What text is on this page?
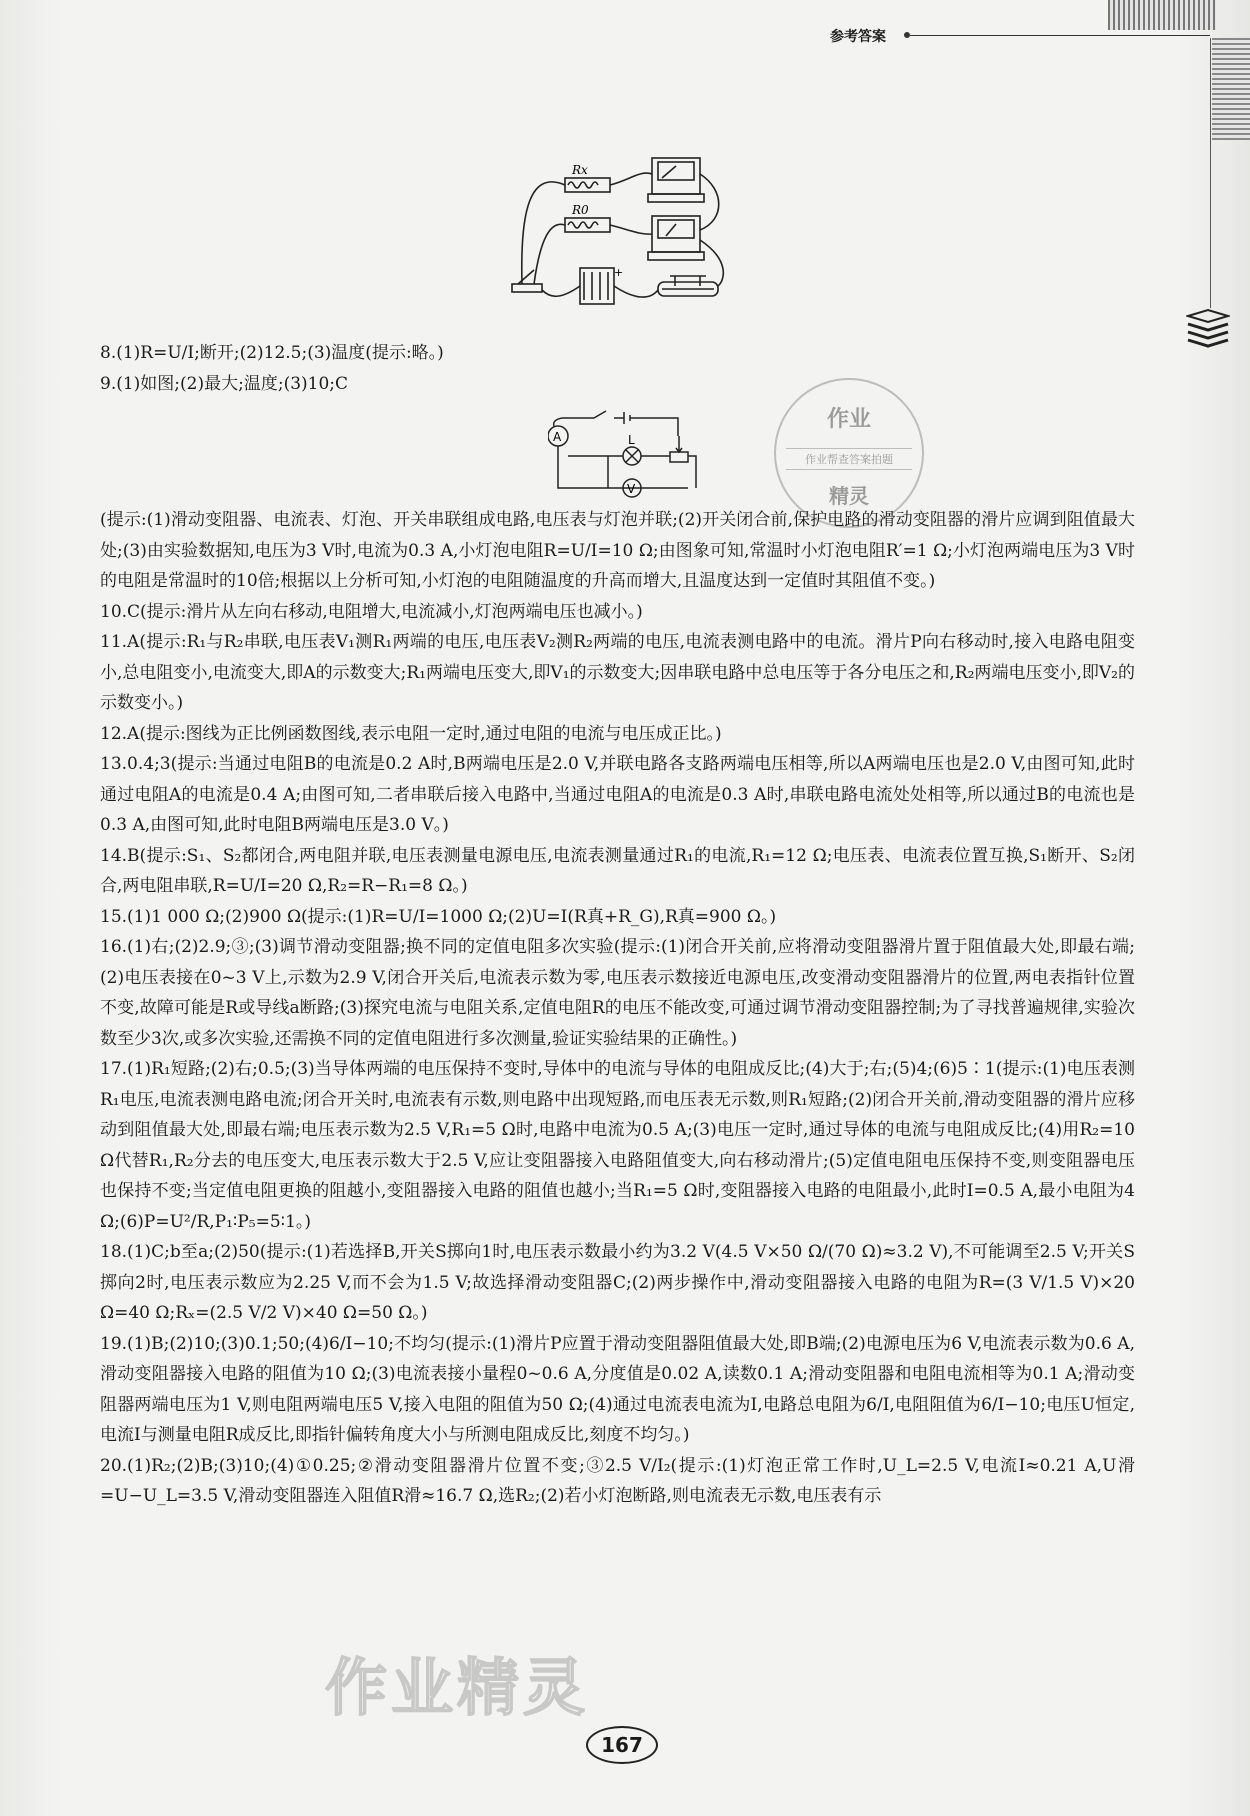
参考答案
Rx
R0
+
A	L
V
作业
作业帮查答案拍题
精灵

8.(1)R=U/I;断开;(2)12.5;(3)温度(提示:略。)

9.(1)如图;(2)最大;温度;(3)10;C

(提示:(1)滑动变阻器、电流表、灯泡、开关串联组成电路,电压表与灯泡并联;(2)开关闭合前,保护电路的滑动变阻器的滑片应调到阻值最大处;(3)由实验数据知,电压为3 V时,电流为0.3 A,小灯泡电阻R=U/I=10 Ω;由图象可知,常温时小灯泡电阻R′=1 Ω;小灯泡两端电压为3 V时的电阻是常温时的10倍;根据以上分析可知,小灯泡的电阻随温度的升高而增大,且温度达到一定值时其阻值不变。)

10.C(提示:滑片从左向右移动,电阻增大,电流减小,灯泡两端电压也减小。)

11.A(提示:R₁与R₂串联,电压表V₁测R₁两端的电压,电压表V₂测R₂两端的电压,电流表测电路中的电流。滑片P向右移动时,接入电路电阻变小,总电阻变小,电流变大,即A的示数变大;R₁两端电压变大,即V₁的示数变大;因串联电路中总电压等于各分电压之和,R₂两端电压变小,即V₂的示数变小。)

12.A(提示:图线为正比例函数图线,表示电阻一定时,通过电阻的电流与电压成正比。)

13.0.4;3(提示:当通过电阻B的电流是0.2 A时,B两端电压是2.0 V,并联电路各支路两端电压相等,所以A两端电压也是2.0 V,由图可知,此时通过电阻A的电流是0.4 A;由图可知,二者串联后接入电路中,当通过电阻A的电流是0.3 A时,串联电路电流处处相等,所以通过B的电流也是0.3 A,由图可知,此时电阻B两端电压是3.0 V。)

14.B(提示:S₁、S₂都闭合,两电阻并联,电压表测量电源电压,电流表测量通过R₁的电流,R₁=12 Ω;电压表、电流表位置互换,S₁断开、S₂闭合,两电阻串联,R=U/I=20 Ω,R₂=R−R₁=8 Ω。)

15.(1)1 000 Ω;(2)900 Ω(提示:(1)R=U/I=1000 Ω;(2)U=I(R真+R_G),R真=900 Ω。)

16.(1)右;(2)2.9;③;(3)调节滑动变阻器;换不同的定值电阻多次实验(提示:(1)闭合开关前,应将滑动变阻器滑片置于阻值最大处,即最右端;(2)电压表接在0~3 V上,示数为2.9 V,闭合开关后,电流表示数为零,电压表示数接近电源电压,改变滑动变阻器滑片的位置,两电表指针位置不变,故障可能是R或导线a断路;(3)探究电流与电阻关系,定值电阻R的电压不能改变,可通过调节滑动变阻器控制;为了寻找普遍规律,实验次数至少3次,或多次实验,还需换不同的定值电阻进行多次测量,验证实验结果的正确性。)

17.(1)R₁短路;(2)右;0.5;(3)当导体两端的电压保持不变时,导体中的电流与导体的电阻成反比;(4)大于;右;(5)4;(6)5∶1(提示:(1)电压表测R₁电压,电流表测电路电流;闭合开关时,电流表有示数,则电路中出现短路,而电压表无示数,则R₁短路;(2)闭合开关前,滑动变阻器的滑片应移动到阻值最大处,即最右端;电压表示数为2.5 V,R₁=5 Ω时,电路中电流为0.5 A;(3)电压一定时,通过导体的电流与电阻成反比;(4)用R₂=10 Ω代替R₁,R₂分去的电压变大,电压表示数大于2.5 V,应让变阻器接入电路阻值变大,向右移动滑片;(5)定值电阻电压保持不变,则变阻器电压也保持不变;当定值电阻更换的阻越小,变阻器接入电路的阻值也越小;当R₁=5 Ω时,变阻器接入电路的电阻最小,此时I=0.5 A,最小电阻为4 Ω;(6)P=U²/R,P₁∶P₅=5∶1。)

18.(1)C;b至a;(2)50(提示:(1)若选择B,开关S掷向1时,电压表示数最小约为3.2 V(4.5 V×50 Ω/(70 Ω)≈3.2 V),不可能调至2.5 V;开关S掷向2时,电压表示数应为2.25 V,而不会为1.5 V;故选择滑动变阻器C;(2)两步操作中,滑动变阻器接入电路的电阻为R=(3 V/1.5 V)×20 Ω=40 Ω;Rₓ=(2.5 V/2 V)×40 Ω=50 Ω。)

19.(1)B;(2)10;(3)0.1;50;(4)6/I−10;不均匀(提示:(1)滑片P应置于滑动变阻器阻值最大处,即B端;(2)电源电压为6 V,电流表示数为0.6 A,滑动变阻器接入电路的阻值为10 Ω;(3)电流表接小量程0~0.6 A,分度值是0.02 A,读数0.1 A;滑动变阻器和电阻电流相等为0.1 A;滑动变阻器两端电压为1 V,则电阻两端电压5 V,接入电阻的阻值为50 Ω;(4)通过电流表电流为I,电路总电阻为6/I,电阻阻值为6/I−10;电压U恒定,电流I与测量电阻R成反比,即指针偏转角度大小与所测电阻成反比,刻度不均匀。)

20.(1)R₂;(2)B;(3)10;(4)①0.25;②滑动变阻器滑片位置不变;③2.5 V/I₂(提示:(1)灯泡正常工作时,U_L=2.5 V,电流I≈0.21 A,U滑=U−U_L=3.5 V,滑动变阻器连入阻值R滑≈16.7 Ω,选R₂;(2)若小灯泡断路,则电流表无示数,电压表有示

作业精灵
167
